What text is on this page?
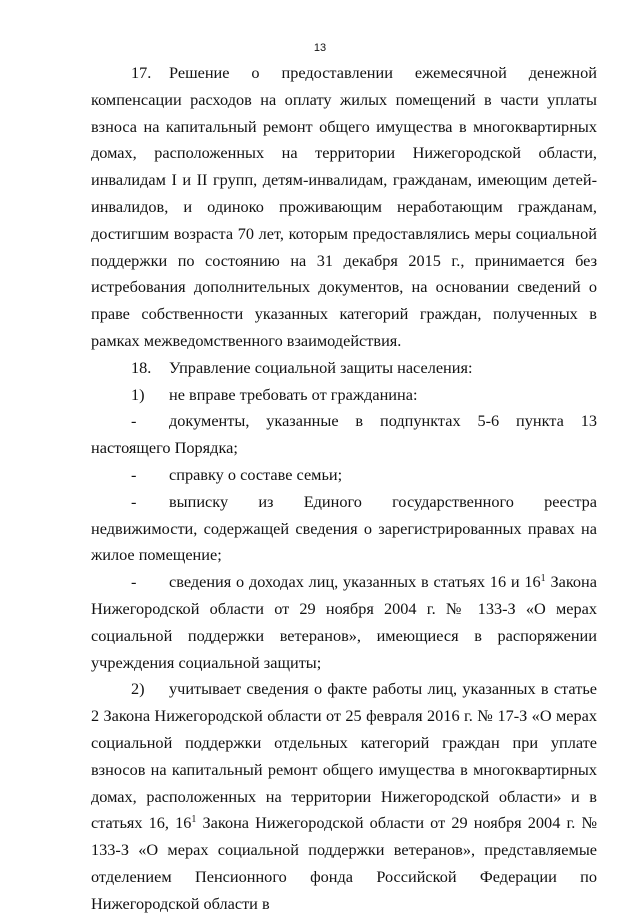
13

17. Решение о предоставлении ежемесячной денежной компенсации расходов на оплату жилых помещений в части уплаты взноса на капитальный ремонт общего имущества в многоквартирных домах, расположенных на территории Нижегородской области, инвалидам I и II групп, детям-инвалидам, гражданам, имеющим детей-инвалидов, и одиноко проживающим неработающим гражданам, достигшим возраста 70 лет, которым предоставлялись меры социальной поддержки по состоянию на 31 декабря 2015 г., принимается без истребования дополнительных документов, на основании сведений о праве собственности указанных категорий граждан, полученных в рамках межведомственного взаимодействия.

18. Управление социальной защиты населения:

1) не вправе требовать от гражданина:

- документы, указанные в подпунктах 5-6 пункта 13 настоящего Порядка;

- справку о составе семьи;

- выписку из Единого государственного реестра недвижимости, содержащей сведения о зарегистрированных правах на жилое помещение;

- сведения о доходах лиц, указанных в статьях 16 и $16^1$ Закона Нижегородской области от 29 ноября 2004 г. № 133-З «О мерах социальной поддержки ветеранов», имеющиеся в распоряжении учреждения социальной защиты;

2) учитывает сведения о факте работы лиц, указанных в статье 2 Закона Нижегородской области от 25 февраля 2016 г. № 17-З «О мерах социальной поддержки отдельных категорий граждан при уплате взносов на капитальный ремонт общего имущества в многоквартирных домах, расположенных на территории Нижегородской области» и в статьях 16, $16^1$ Закона Нижегородской области от 29 ноября 2004 г. № 133-З «О мерах социальной поддержки ветеранов», представляемые отделением Пенсионного фонда Российской Федерации по Нижегородской области в
